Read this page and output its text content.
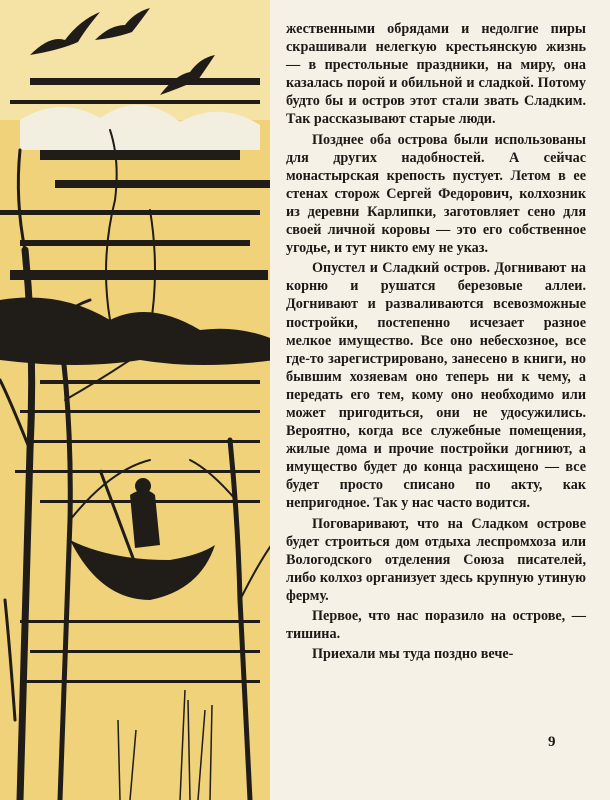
жественными обрядами и недолгие пиры скрашивали нелегкую крестьянскую жизнь — в престольные праздники, на миру, она казалась порой и обильной и сладкой. Потому будто бы и остров этот стали звать Сладким. Так рассказывают старые люди.

Позднее оба острова были использованы для других надобностей. А сейчас монастырская крепость пустует. Летом в ее стенах сторож Сергей Федорович, колхозник из деревни Карлипки, заготовляет сено для своей личной коровы — это его собственное угодье, и тут никто ему не указ.

Опустел и Сладкий остров. Догнивают на корню и рушатся березовые аллеи. Догнивают и разваливаются всевозможные постройки, постепенно исчезает разное мелкое имущество. Все оно небесхозное, все где-то зарегистрировано, занесено в книги, но бывшим хозяевам оно теперь ни к чему, а передать его тем, кому оно необходимо или может пригодиться, они не удосужились. Вероятно, когда все служебные помещения, жилые дома и прочие постройки догниют, а имущество будет до конца расхищено — все будет просто списано по акту, как непригодное. Так у нас часто водится.

Поговаривают, что на Сладком острове будет строиться дом отдыха леспромхоза или Вологодского отделения Союза писателей, либо колхоз организует здесь крупную утиную ферму.

Первое, что нас поразило на острове, — тишина.

Приехали мы туда поздно вече-

9
